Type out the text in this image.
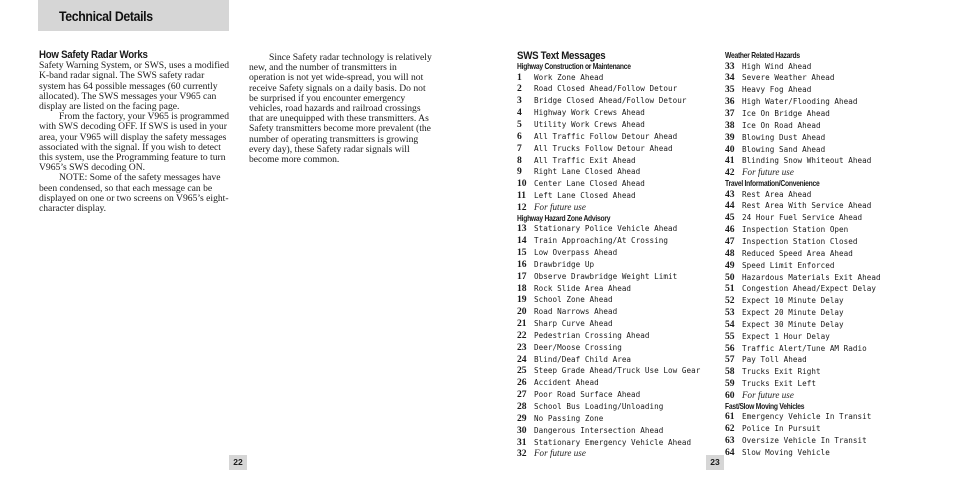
Technical Details
How Safety Radar Works

Safety Warning System, or SWS, uses a modified K-band radar signal. The SWS safety radar system has 64 possible messages (60 currently allocated). The SWS messages your V965 can display are listed on the facing page.

From the factory, your V965 is programmed with SWS decoding OFF. If SWS is used in your area, your V965 will display the safety messages associated with the signal. If you wish to detect this system, use the Programming feature to turn V965’s SWS decoding ON.

NOTE: Some of the safety messages have been condensed, so that each message can be displayed on one or two screens on V965’s eight-character display.

Since Safety radar technology is relatively new, and the number of transmitters in operation is not yet wide-spread, you will not receive Safety signals on a daily basis. Do not be surprised if you encounter emergency vehicles, road hazards and railroad crossings that are unequipped with these transmitters. As Safety transmitters become more prevalent (the number of operating transmitters is growing every day), these Safety radar signals will become more common.

22
SWS Text Messages
Highway Construction or Maintenance
1 Work Zone Ahead
2 Road Closed Ahead/Follow Detour
3 Bridge Closed Ahead/Follow Detour
4 Highway Work Crews Ahead
5 Utility Work Crews Ahead
6 All Traffic Follow Detour Ahead
7 All Trucks Follow Detour Ahead
8 All Traffic Exit Ahead
9 Right Lane Closed Ahead
10 Center Lane Closed Ahead
11 Left Lane Closed Ahead
12 For future use
Highway Hazard Zone Advisory
13 Stationary Police Vehicle Ahead
14 Train Approaching/At Crossing
15 Low Overpass Ahead
16 Drawbridge Up
17 Observe Drawbridge Weight Limit
18 Rock Slide Area Ahead
19 School Zone Ahead
20 Road Narrows Ahead
21 Sharp Curve Ahead
22 Pedestrian Crossing Ahead
23 Deer/Moose Crossing
24 Blind/Deaf Child Area
25 Steep Grade Ahead/Truck Use Low Gear
26 Accident Ahead
27 Poor Road Surface Ahead
28 School Bus Loading/Unloading
29 No Passing Zone
30 Dangerous Intersection Ahead
31 Stationary Emergency Vehicle Ahead
32 For future use
Weather Related Hazards
33 High Wind Ahead
34 Severe Weather Ahead
35 Heavy Fog Ahead
36 High Water/Flooding Ahead
37 Ice On Bridge Ahead
38 Ice On Road Ahead
39 Blowing Dust Ahead
40 Blowing Sand Ahead
41 Blinding Snow Whiteout Ahead
42 For future use
Travel Information/Convenience
43 Rest Area Ahead
44 Rest Area With Service Ahead
45 24 Hour Fuel Service Ahead
46 Inspection Station Open
47 Inspection Station Closed
48 Reduced Speed Area Ahead
49 Speed Limit Enforced
50 Hazardous Materials Exit Ahead
51 Congestion Ahead/Expect Delay
52 Expect 10 Minute Delay
53 Expect 20 Minute Delay
54 Expect 30 Minute Delay
55 Expect 1 Hour Delay
56 Traffic Alert/Tune AM Radio
57 Pay Toll Ahead
58 Trucks Exit Right
59 Trucks Exit Left
60 For future use
Fast/Slow Moving Vehicles
61 Emergency Vehicle In Transit
62 Police In Pursuit
63 Oversize Vehicle In Transit
64 Slow Moving Vehicle
23
